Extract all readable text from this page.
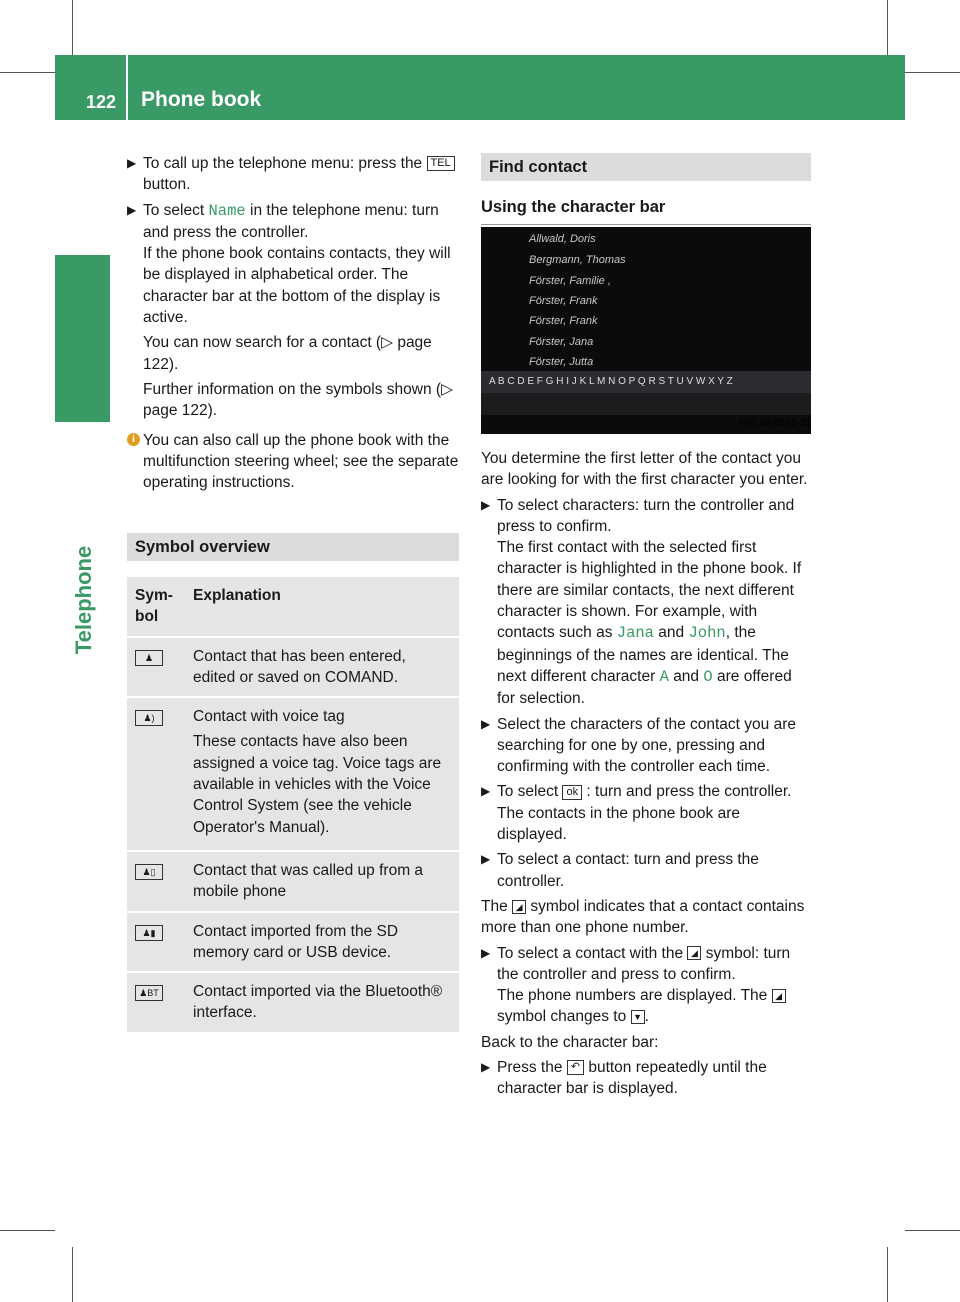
122 Phone book
Telephone
▶ To call up the telephone menu: press the TEL button.
▶ To select Name in the telephone menu: turn and press the controller.

If the phone book contains contacts, they will be displayed in alphabetical order. The character bar at the bottom of the display is active.

You can now search for a contact (▷ page 122).

Further information on the symbols shown (▷ page 122).

i You can also call up the phone book with the multifunction steering wheel; see the separate operating instructions.
Symbol overview
Sym-bol	Explanation
♟	Contact that has been entered, edited or saved on COMAND.
♟)	Contact with voice tag

These contacts have also been assigned a voice tag. Voice tags are available in vehicles with the Voice Control System (see the vehicle Operator's Manual).

♟▯	Contact that was called up from a mobile phone
♟▮	Contact imported from the SD memory card or USB device.
♟BT	Contact imported via the Bluetooth® interface.
Find contact
Using the character bar
Allwald, Doris
Bergmann, Thomas
Förster, Familie ,
Förster, Frank
Förster, Frank
Förster, Jana
Förster, Jutta
A B C D E F G H I J K L M N O P Q R S T U V W X Y Z
P82.89-0193-31

You determine the first letter of the contact you are looking for with the first character you enter.

▶ To select characters: turn the controller and press to confirm.

The first contact with the selected first character is highlighted in the phone book. If there are similar contacts, the next different character is shown. For example, with contacts such as Jana and John, the beginnings of the names are identical. The next different character A and O are offered for selection.

▶ Select the characters of the contact you are searching for one by one, pressing and confirming with the controller each time.
▶ To select ok : turn and press the controller.

The contacts in the phone book are displayed.

▶ To select a contact: turn and press the controller.

The ◢ symbol indicates that a contact contains more than one phone number.

▶ To select a contact with the ◢ symbol: turn the controller and press to confirm.

The phone numbers are displayed. The ◢ symbol changes to ▼ .

Back to the character bar:

▶ Press the ↶ button repeatedly until the character bar is displayed.
